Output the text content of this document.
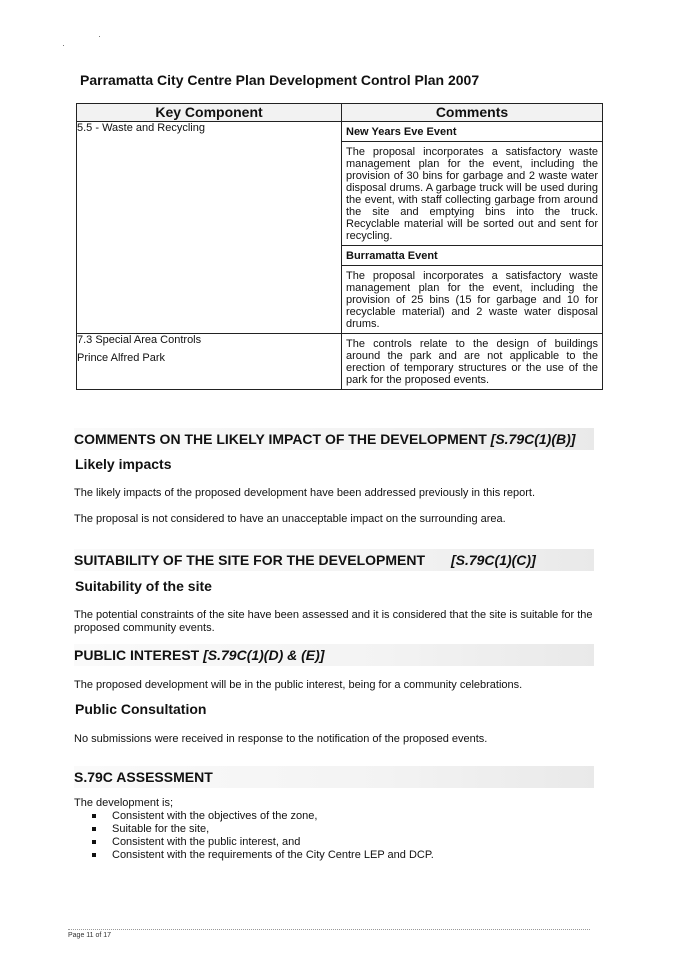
Parramatta City Centre Plan Development Control Plan 2007
Key Component	Comments

5.5 - Waste and Recycling	New Years Eve Event
The proposal incorporates a satisfactory waste management plan for the event, including the provision of 30 bins for garbage and 2 waste water disposal drums. A garbage truck will be used during the event, with staff collecting garbage from around the site and emptying bins into the truck. Recyclable material will be sorted out and sent for recycling.
Burramatta Event
The proposal incorporates a satisfactory waste management plan for the event, including the provision of 25 bins (15 for garbage and 10 for recyclable material) and 2 waste water disposal drums.

7.3 Special Area Controls

Prince Alfred Park	The controls relate to the design of buildings around the park and are not applicable to the erection of temporary structures or the use of the park for the proposed events.
COMMENTS ON THE LIKELY IMPACT OF THE DEVELOPMENT [S.79C(1)(B)]
Likely impacts
The likely impacts of the proposed development have been addressed previously in this report.
The proposal is not considered to have an unacceptable impact on the surrounding area.
SUITABILITY OF THE SITE FOR THE DEVELOPMENT [S.79C(1)(C)]
Suitability of the site
The potential constraints of the site have been assessed and it is considered that the site is suitable for the proposed community events.
PUBLIC INTEREST [S.79C(1)(D) & (E)]
The proposed development will be in the public interest, being for a community celebrations.
Public Consultation
No submissions were received in response to the notification of the proposed events.
S.79C ASSESSMENT
The development is;
Consistent with the objectives of the zone,
Suitable for the site,
Consistent with the public interest, and
Consistent with the requirements of the City Centre LEP and DCP.
Page 11 of 17
